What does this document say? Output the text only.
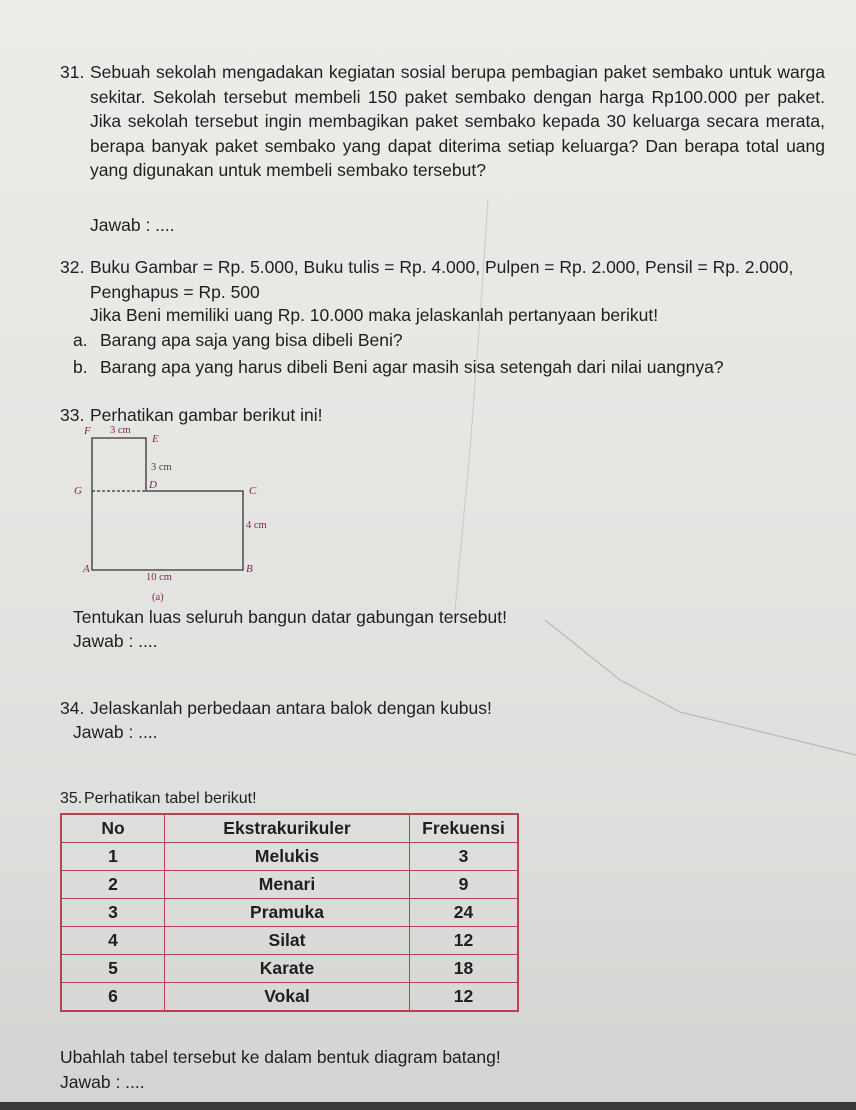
31. Sebuah sekolah mengadakan kegiatan sosial berupa pembagian paket sembako untuk warga sekitar. Sekolah tersebut membeli 150 paket sembako dengan harga Rp100.000 per paket. Jika sekolah tersebut ingin membagikan paket sembako kepada 30 keluarga secara merata, berapa banyak paket sembako yang dapat diterima setiap keluarga? Dan berapa total uang yang digunakan untuk membeli sembako tersebut?

Jawab : ....
32. Buku Gambar = Rp. 5.000, Buku tulis = Rp. 4.000, Pulpen = Rp. 2.000, Pensil = Rp. 2.000, Penghapus = Rp. 500

Jika Beni memiliki uang Rp. 10.000 maka jelaskanlah pertanyaan berikut!
a. Barang apa saja yang bisa dibeli Beni?
b. Barang apa yang harus dibeli Beni agar masih sisa setengah dari nilai uangnya?
33. Perhatikan gambar berikut ini!
F
E
G	D	C
A	B
3 cm
3 cm
4 cm
10 cm
(a)
Tentukan luas seluruh bangun datar gabungan tersebut!
Jawab : ....
34. Jelaskanlah perbedaan antara balok dengan kubus!
Jawab : ....
35. Perhatikan tabel berikut!
No	Ekstrakurikuler	Frekuensi
1	Melukis	3
2	Menari	9
3	Pramuka	24
4	Silat	12
5	Karate	18
6	Vokal	12
Ubahlah tabel tersebut ke dalam bentuk diagram batang!
Jawab : ....
